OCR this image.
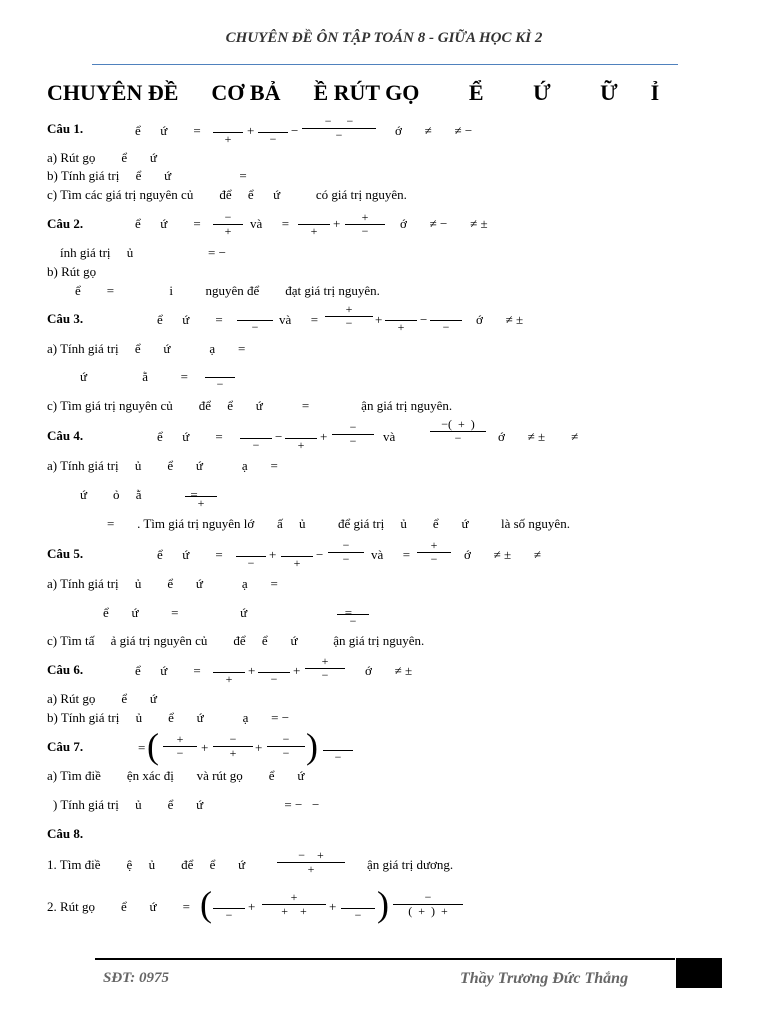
CHUYÊN ĐỀ ÔN TẬP TOÁN 8 - GIỮA HỌC KÌ 2
CHUYÊN ĐỀ      CƠ BẢ      Ề RÚT GỌ         Ể         Ứ         Ữ      Ỉ
Câu 1.	ể      ứ        =
+
+
−
−
−     −
−	ớ       ≠       ≠ −
a) Rút gọ        ể       ứ
b) Tính giá trị     ể       ứ                     =
c) Tìm các giá trị nguyên củ        để     ể      ứ           có giá trị nguyên.
Câu 2.	ể      ứ        =	−
+	và      =	+	+	+
−	ớ       ≠ −       ≠ ±
ính giá trị     ủ                       = −
b) Rút gọ
ể        =                 i          nguyên để        đạt giá trị nguyên.
Câu 3.	ể      ứ        =	−	và      =
+
−	+	+	−	−	ớ       ≠ ±
a) Tính giá trị     ể       ứ            ạ       =
ứ                 ằ          =	−
c) Tìm giá trị nguyên củ        để     ể       ứ            =                ận giá trị nguyên.
Câu 4.	ể      ứ        =
−
−
+
+
−
−	và
−(  +  )
−	ớ       ≠ ±        ≠
a) Tính giá trị     ủ        ể       ứ            ạ       =
ứ        ỏ     ằ               =
+
=       . Tìm giá trị nguyên lớ       ấ     ủ          để giá trị     ủ        ể       ứ          là số nguyên.
Câu 5.	ể      ứ        =
−
+
+
−
−
−	và      =
+
−	ớ       ≠ ±       ≠
a) Tính giá trị     ủ        ể       ứ            ạ       =
ể       ứ          =                   ứ                              =
−
c) Tìm tấ     ả giá trị nguyên củ        để     ể       ứ           ận giá trị nguyên.
Câu 6.	ể      ứ        =
+
+
−
+
+
−	ớ       ≠ ±
a) Rút gọ        ể       ứ
b) Tính giá trị     ủ        ể       ứ            ạ       = −
Câu 7.	= (	+
−	+
−
+	+
−
− )	−
a) Tìm điề        ện xác đị       và rút gọ        ể       ứ
) Tính giá trị     ủ        ể       ứ                         = −   −
Câu 8.
1. Tìm điề        ệ     ủ        để     ể       ứ
−    +
+	ận giá trị dương.
2. Rút gọ        ể       ứ        = (	−
+
+
+    +	+
− )	−
(  +  )  +
SĐT: 0975	Thầy Trương Đức Thắng
